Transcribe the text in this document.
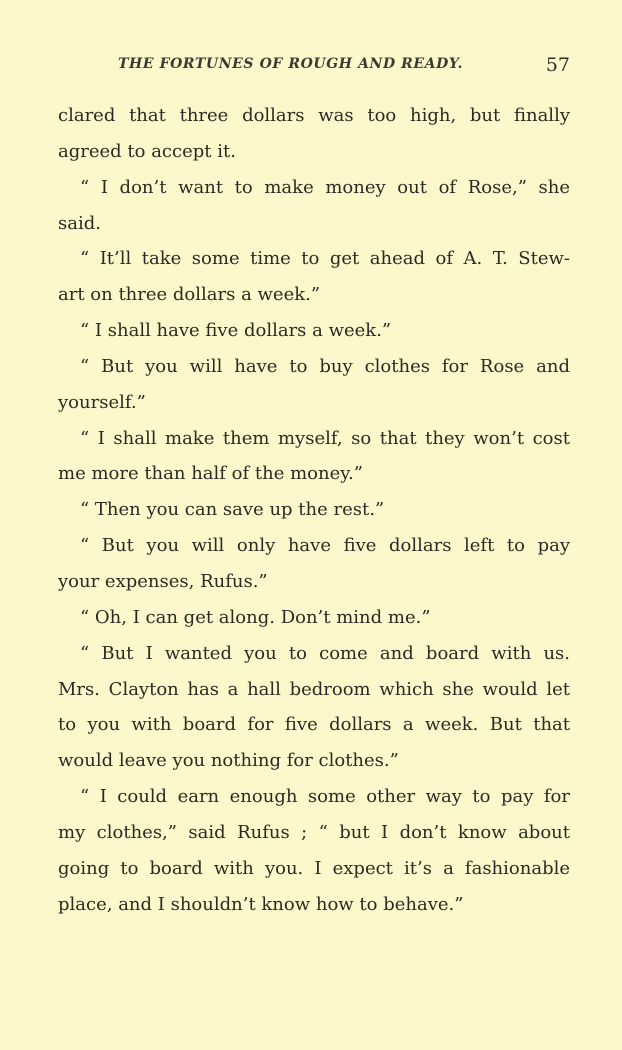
THE FORTUNES OF ROUGH AND READY.	57
clared that three dollars was too high, but finally
agreed to accept it.
“ I don’t want to make money out of Rose,” she
said.
“ It’ll take some time to get ahead of A. T. Stew-
art on three dollars a week.”
“ I shall have five dollars a week.”
“ But you will have to buy clothes for Rose and
yourself.”
“ I shall make them myself, so that they won’t cost
me more than half of the money.”
“ Then you can save up the rest.”
“ But you will only have five dollars left to pay
your expenses, Rufus.”
“ Oh, I can get along. Don’t mind me.”
“ But I wanted you to come and board with us.
Mrs. Clayton has a hall bedroom which she would let
to you with board for five dollars a week. But that
would leave you nothing for clothes.”
“ I could earn enough some other way to pay for
my clothes,” said Rufus ; “ but I don’t know about
going to board with you. I expect it’s a fashionable
place, and I shouldn’t know how to behave.”
